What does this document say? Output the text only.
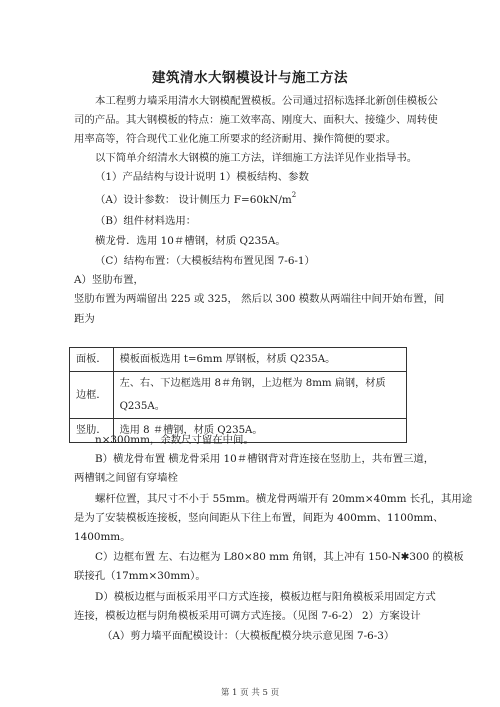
建筑清水大钢模设计与施工方法
本工程剪力墙采用清水大钢模配置模板。公司通过招标选择北新创佳模板公
司的产品。其大钢模板的特点：施工效率高、刚度大、面积大、接缝少、周转使
用率高等，符合现代工业化施工所要求的经济耐用、操作简便的要求。
以下简单介绍清水大钢模的施工方法，详细施工方法详见作业指导书。
（1）产品结构与设计说明 1）模板结构、参数
（A）设计参数： 设计侧压力 $F=60kN/m^2$
（B）组件材料选用：
横龙骨．选用 10＃槽钢，材质 Q235A。
（C）结构布置：（大模板结构布置见图 7-6-1）
A）竖肋布置，
竖肋布置为两端留出 225 或 325， 然后以 300 模数从两端往中间开始布置，间
距为
面板．	模板面板选用 t=6mm 厚钢板，材质 Q235A。
边框．	左、右、下边框选用 8＃角钢，上边框为 8mm 扁钢，材质
Q235A。

竖肋．	选用 8 ＃槽钢，材质 Q235A。
n×300mm，余数尺寸留在中间。
B）横龙骨布置 横龙骨采用 10＃槽钢背对背连接在竖肋上，共布置三道，
两槽钢之间留有穿墙栓
螺杆位置，其尺寸不小于 55mm。横龙骨两端开有 20mm×40mm 长孔，其用途
是为了安装模板连接板，竖向间距从下往上布置，间距为 400mm、1100mm、
1400mm。
C）边框布置 左、右边框为 L80×80 mm 角钢，其上冲有 150-N✱300 的模板
联接孔（17mm×30mm）。
D）模板边框与面板采用平口方式连接，模板边框与阳角模板采用固定方式
连接，模板边框与阴角模板采用可调方式连接。（见图 7-6-2） 2）方案设计
（A）剪力墙平面配模设计：（大模板配模分块示意见图 7-6-3）
第 1 页 共 5 页
